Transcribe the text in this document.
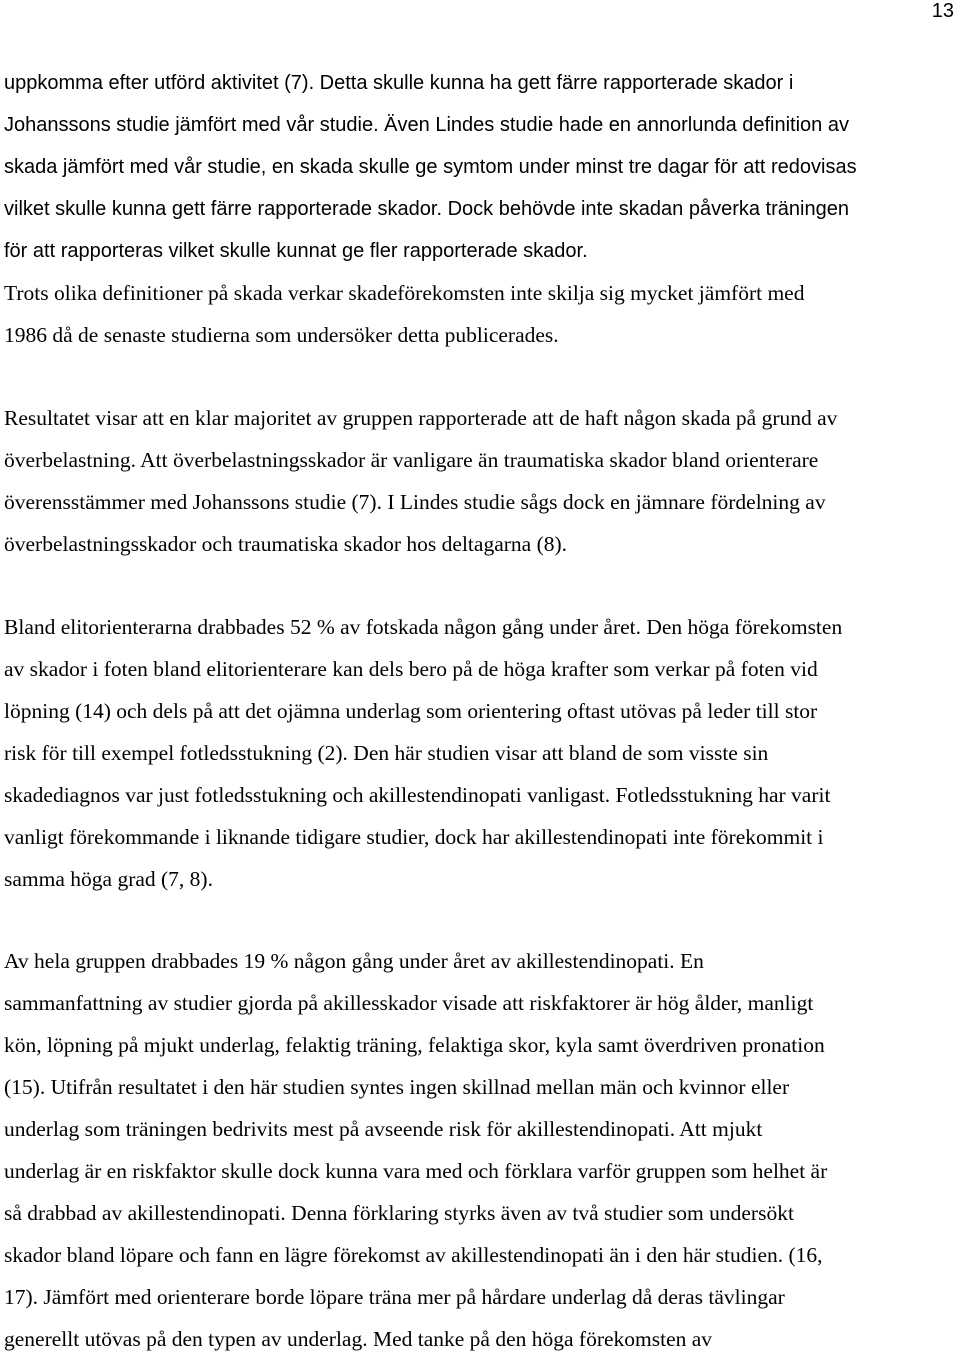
13
uppkomma efter utförd aktivitet (7). Detta skulle kunna ha gett färre rapporterade skador i
Johanssons studie jämfört med vår studie. Även Lindes studie hade en annorlunda definition av
skada jämfört med vår studie, en skada skulle ge symtom under minst tre dagar för att redovisas
vilket skulle kunna gett färre rapporterade skador. Dock behövde inte skadan påverka träningen
för att rapporteras vilket skulle kunnat ge fler rapporterade skador.
Trots olika definitioner på skada verkar skadeförekomsten inte skilja sig mycket jämfört med
1986 då de senaste studierna som undersöker detta publicerades.
Resultatet visar att en klar majoritet av gruppen rapporterade att de haft någon skada på grund av
överbelastning. Att överbelastningsskador är vanligare än traumatiska skador bland orienterare
överensstämmer med Johanssons studie (7). I Lindes studie sågs dock en jämnare fördelning av
överbelastningsskador och traumatiska skador hos deltagarna (8).
Bland elitorienterarna drabbades 52 % av fotskada någon gång under året. Den höga förekomsten
av skador i foten bland elitorienterare kan dels bero på de höga krafter som verkar på foten vid
löpning (14) och dels på att det ojämna underlag som orientering oftast utövas på leder till stor
risk för till exempel fotledsstukning (2). Den här studien visar att bland de som visste sin
skadediagnos var just fotledsstukning och akillestendinopati vanligast. Fotledsstukning har varit
vanligt förekommande i liknande tidigare studier, dock har akillestendinopati inte förekommit i
samma höga grad (7, 8).
Av hela gruppen drabbades 19 % någon gång under året av akillestendinopati. En
sammanfattning av studier gjorda på akillesskador visade att riskfaktorer är hög ålder, manligt
kön, löpning på mjukt underlag, felaktig träning, felaktiga skor, kyla samt överdriven pronation
(15). Utifrån resultatet i den här studien syntes ingen skillnad mellan män och kvinnor eller
underlag som träningen bedrivits mest på avseende risk för akillestendinopati. Att mjukt
underlag är en riskfaktor skulle dock kunna vara med och förklara varför gruppen som helhet är
så drabbad av akillestendinopati. Denna förklaring styrks även av två studier som undersökt
skador bland löpare och fann en lägre förekomst av akillestendinopati än i den här studien. (16,
17). Jämfört med orienterare borde löpare träna mer på hårdare underlag då deras tävlingar
generellt utövas på den typen av underlag. Med tanke på den höga förekomsten av
